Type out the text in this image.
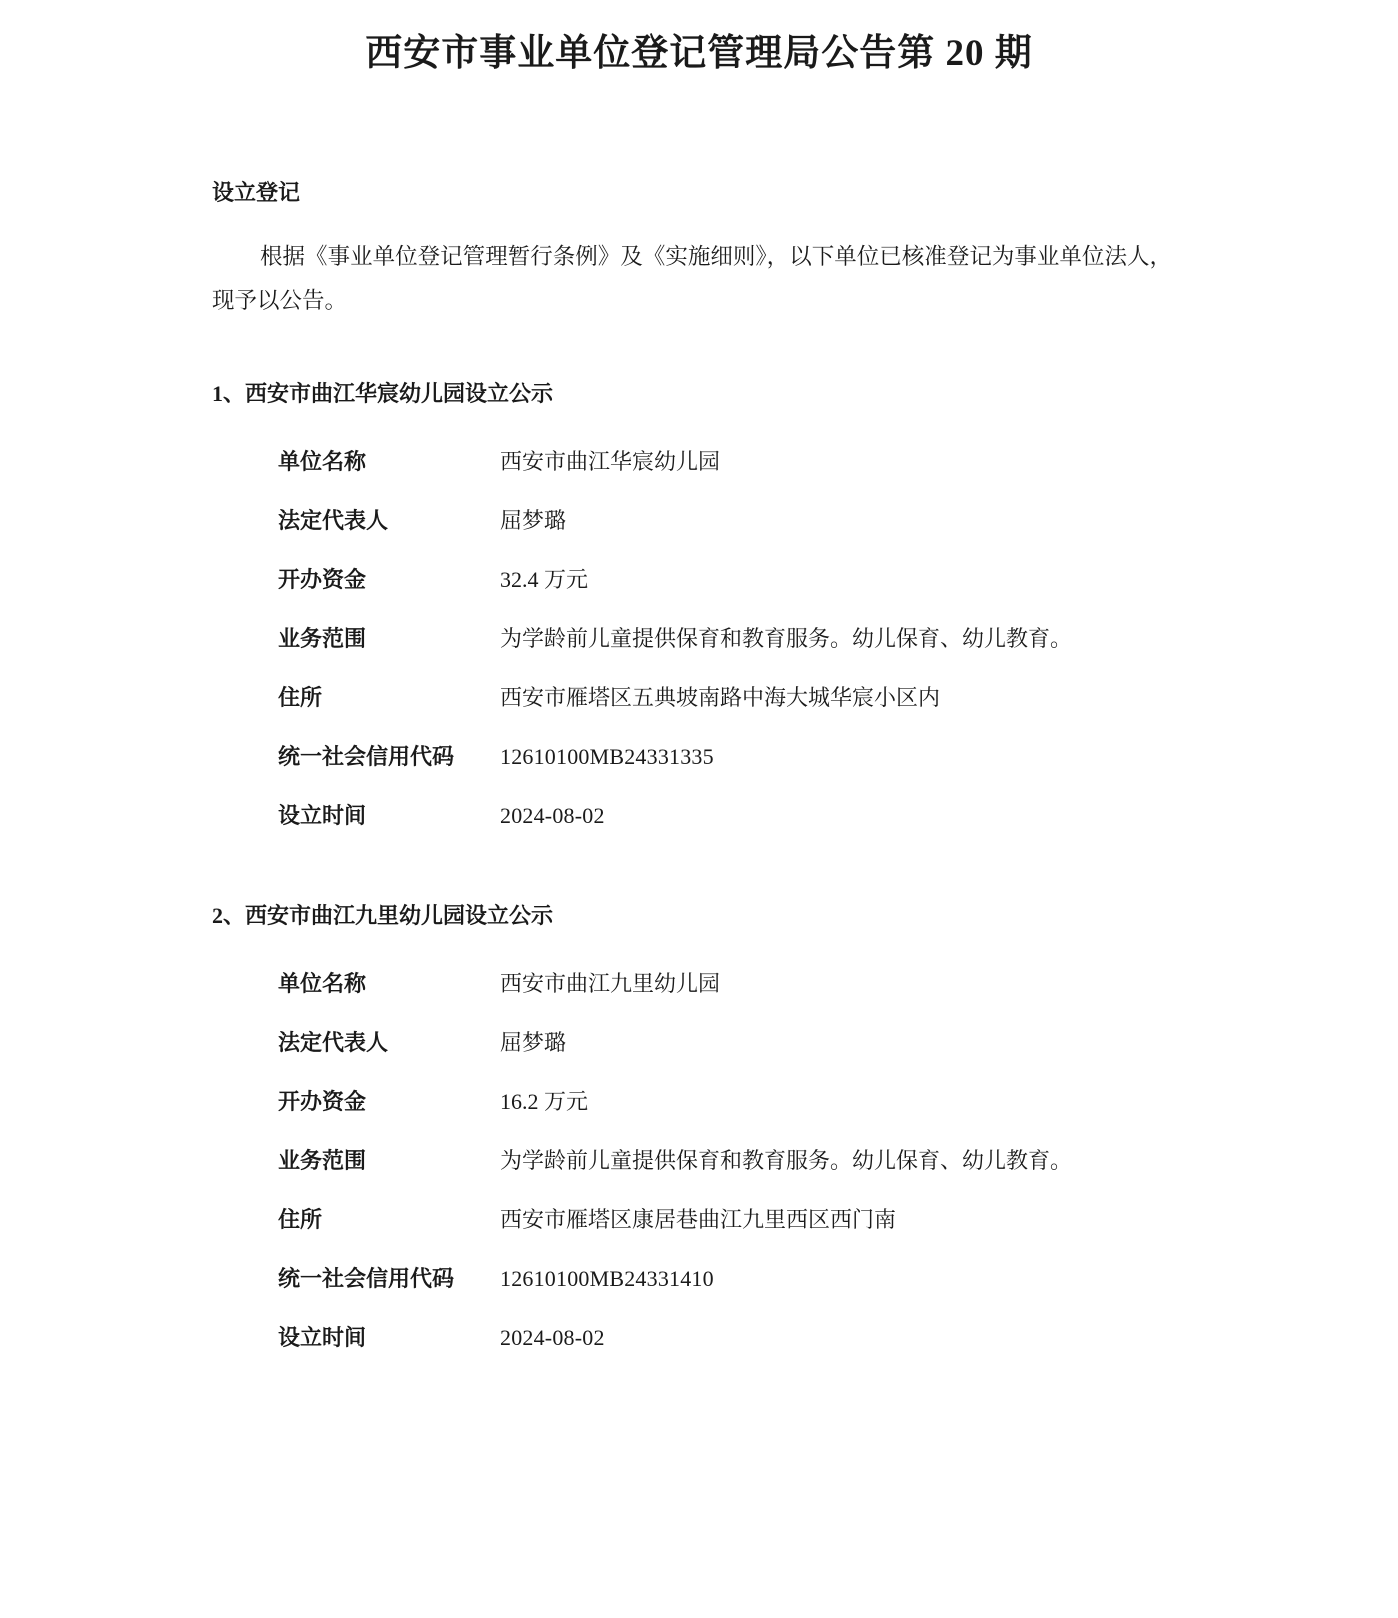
西安市事业单位登记管理局公告第 20 期
设立登记

根据《事业单位登记管理暂行条例》及《实施细则》，以下单位已核准登记为事业单位法人，现予以公告。

1、西安市曲江华宸幼儿园设立公示
单位名称	西安市曲江华宸幼儿园
法定代表人	屈梦璐
开办资金	32.4 万元
业务范围	为学龄前儿童提供保育和教育服务。幼儿保育、幼儿教育。
住所	西安市雁塔区五典坡南路中海大城华宸小区内
统一社会信用代码	12610100MB24331335
设立时间	2024-08-02
2、西安市曲江九里幼儿园设立公示
单位名称	西安市曲江九里幼儿园
法定代表人	屈梦璐
开办资金	16.2 万元
业务范围	为学龄前儿童提供保育和教育服务。幼儿保育、幼儿教育。
住所	西安市雁塔区康居巷曲江九里西区西门南
统一社会信用代码	12610100MB24331410
设立时间	2024-08-02
